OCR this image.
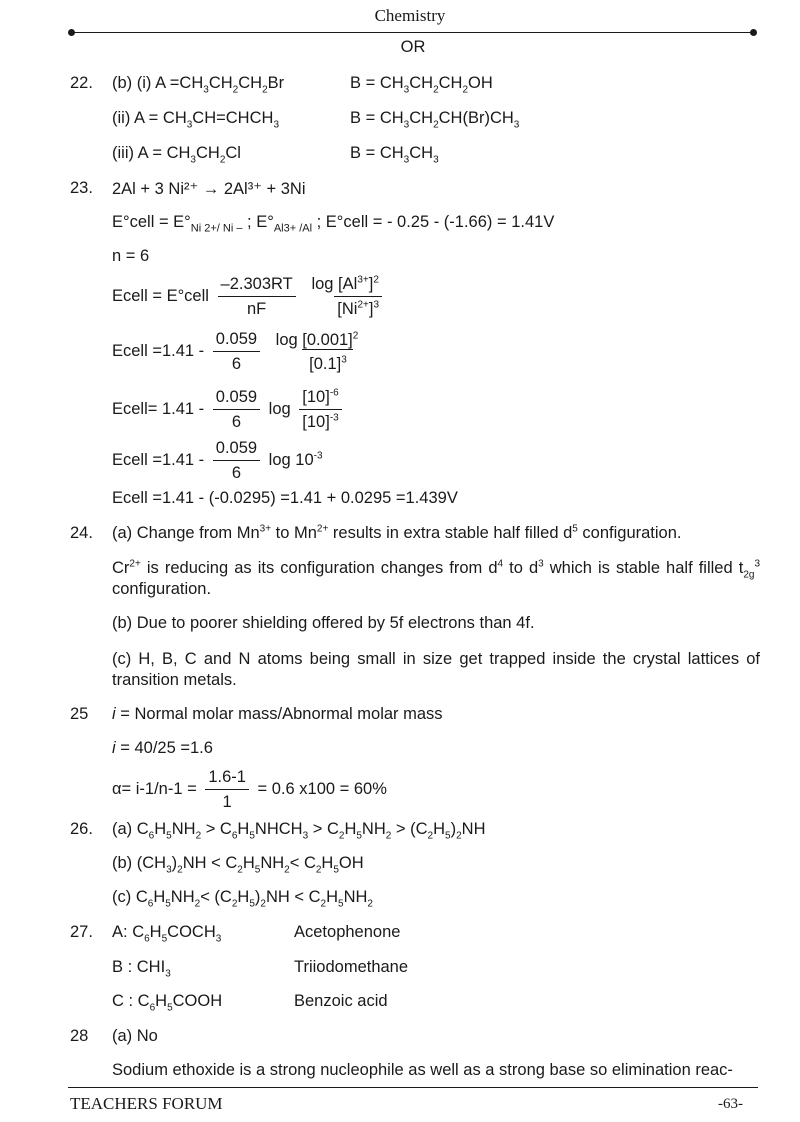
Chemistry
OR
22. (b) (i) $A =CH_3CH_2CH_2Br$	$B = CH_3CH_2CH_2OH$
(ii) $A = CH_3CH=CHCH_3$	$B = CH_3CH_2CH(Br)CH_3$
(iii) $A = CH_3CH_2Cl$	$B = CH_3CH_3$
23. 2Al + 3 Ni²⁺ → 2Al³⁺ + 3Ni
E°cell = $E^\circ_{Ni 2+/ Ni -}$ ; $E^\circ_{Al3+ /Al}$ ; E°cell = - 0.25 - (-1.66) = 1.41V
n = 6
Ecell = E°cell $\frac{-2.303RT}{nF}$
$\frac{\log [Al^{3+}]^2}{[Ni^{2+}]^3}$
Ecell $=1.41 - \frac{0.059}{6}$
$\log [0.001]^2$
$[0.1]^3$
Ecell= $1.41 - \frac{0.059}{6}$ $\log \frac{[10]^{-6}}{[10]^{-3}}$
Ecell $=1.41 - \frac{0.059}{6}$ $\log 10^{-3}$
Ecell =1.41 - (-0.0295) =1.41 + 0.0295 =1.439V
24. (a) Change from $Mn^{3+}$ to $Mn^{2+}$ results in extra stable half filled $d^5$ configuration.
$Cr^{2+}$ is reducing as its configuration changes from $d^4$ to $d^3$ which is stable half filled $t_{2g}^3$ configuration.
(b) Due to poorer shielding offered by 5f electrons than 4f.
(c) H, B, C and N atoms being small in size get trapped inside the crystal lattices of transition metals.
25 i = Normal molar mass/Abnormal molar mass
i = 40/25 =1.6
$\alpha= i-1/n-1 = \frac{1.6-1}{1} = 0.6$ x100 = 60%
26. (a) $C_6H_5NH_2$ > $C_6H_5NHCH_3 > C_2H_5NH_2 > (C_2H_5)_2NH$
(b) $(CH_3)_2NH < C_2H_5NH_2< C_2H_5OH$
(c) $C_6H_5NH_2< (C_2H_5)_2NH < C_2H_5NH_2$
27. A: $C_6H_5COCH_3$	Acetophenone
B : $CHI_3$	Triiodomethane
C : $C_6H_5COOH$	Benzoic acid
28 (a) No
Sodium ethoxide is a strong nucleophile as well as a strong base so elimination reac-
TEACHERS FORUM	-63-
